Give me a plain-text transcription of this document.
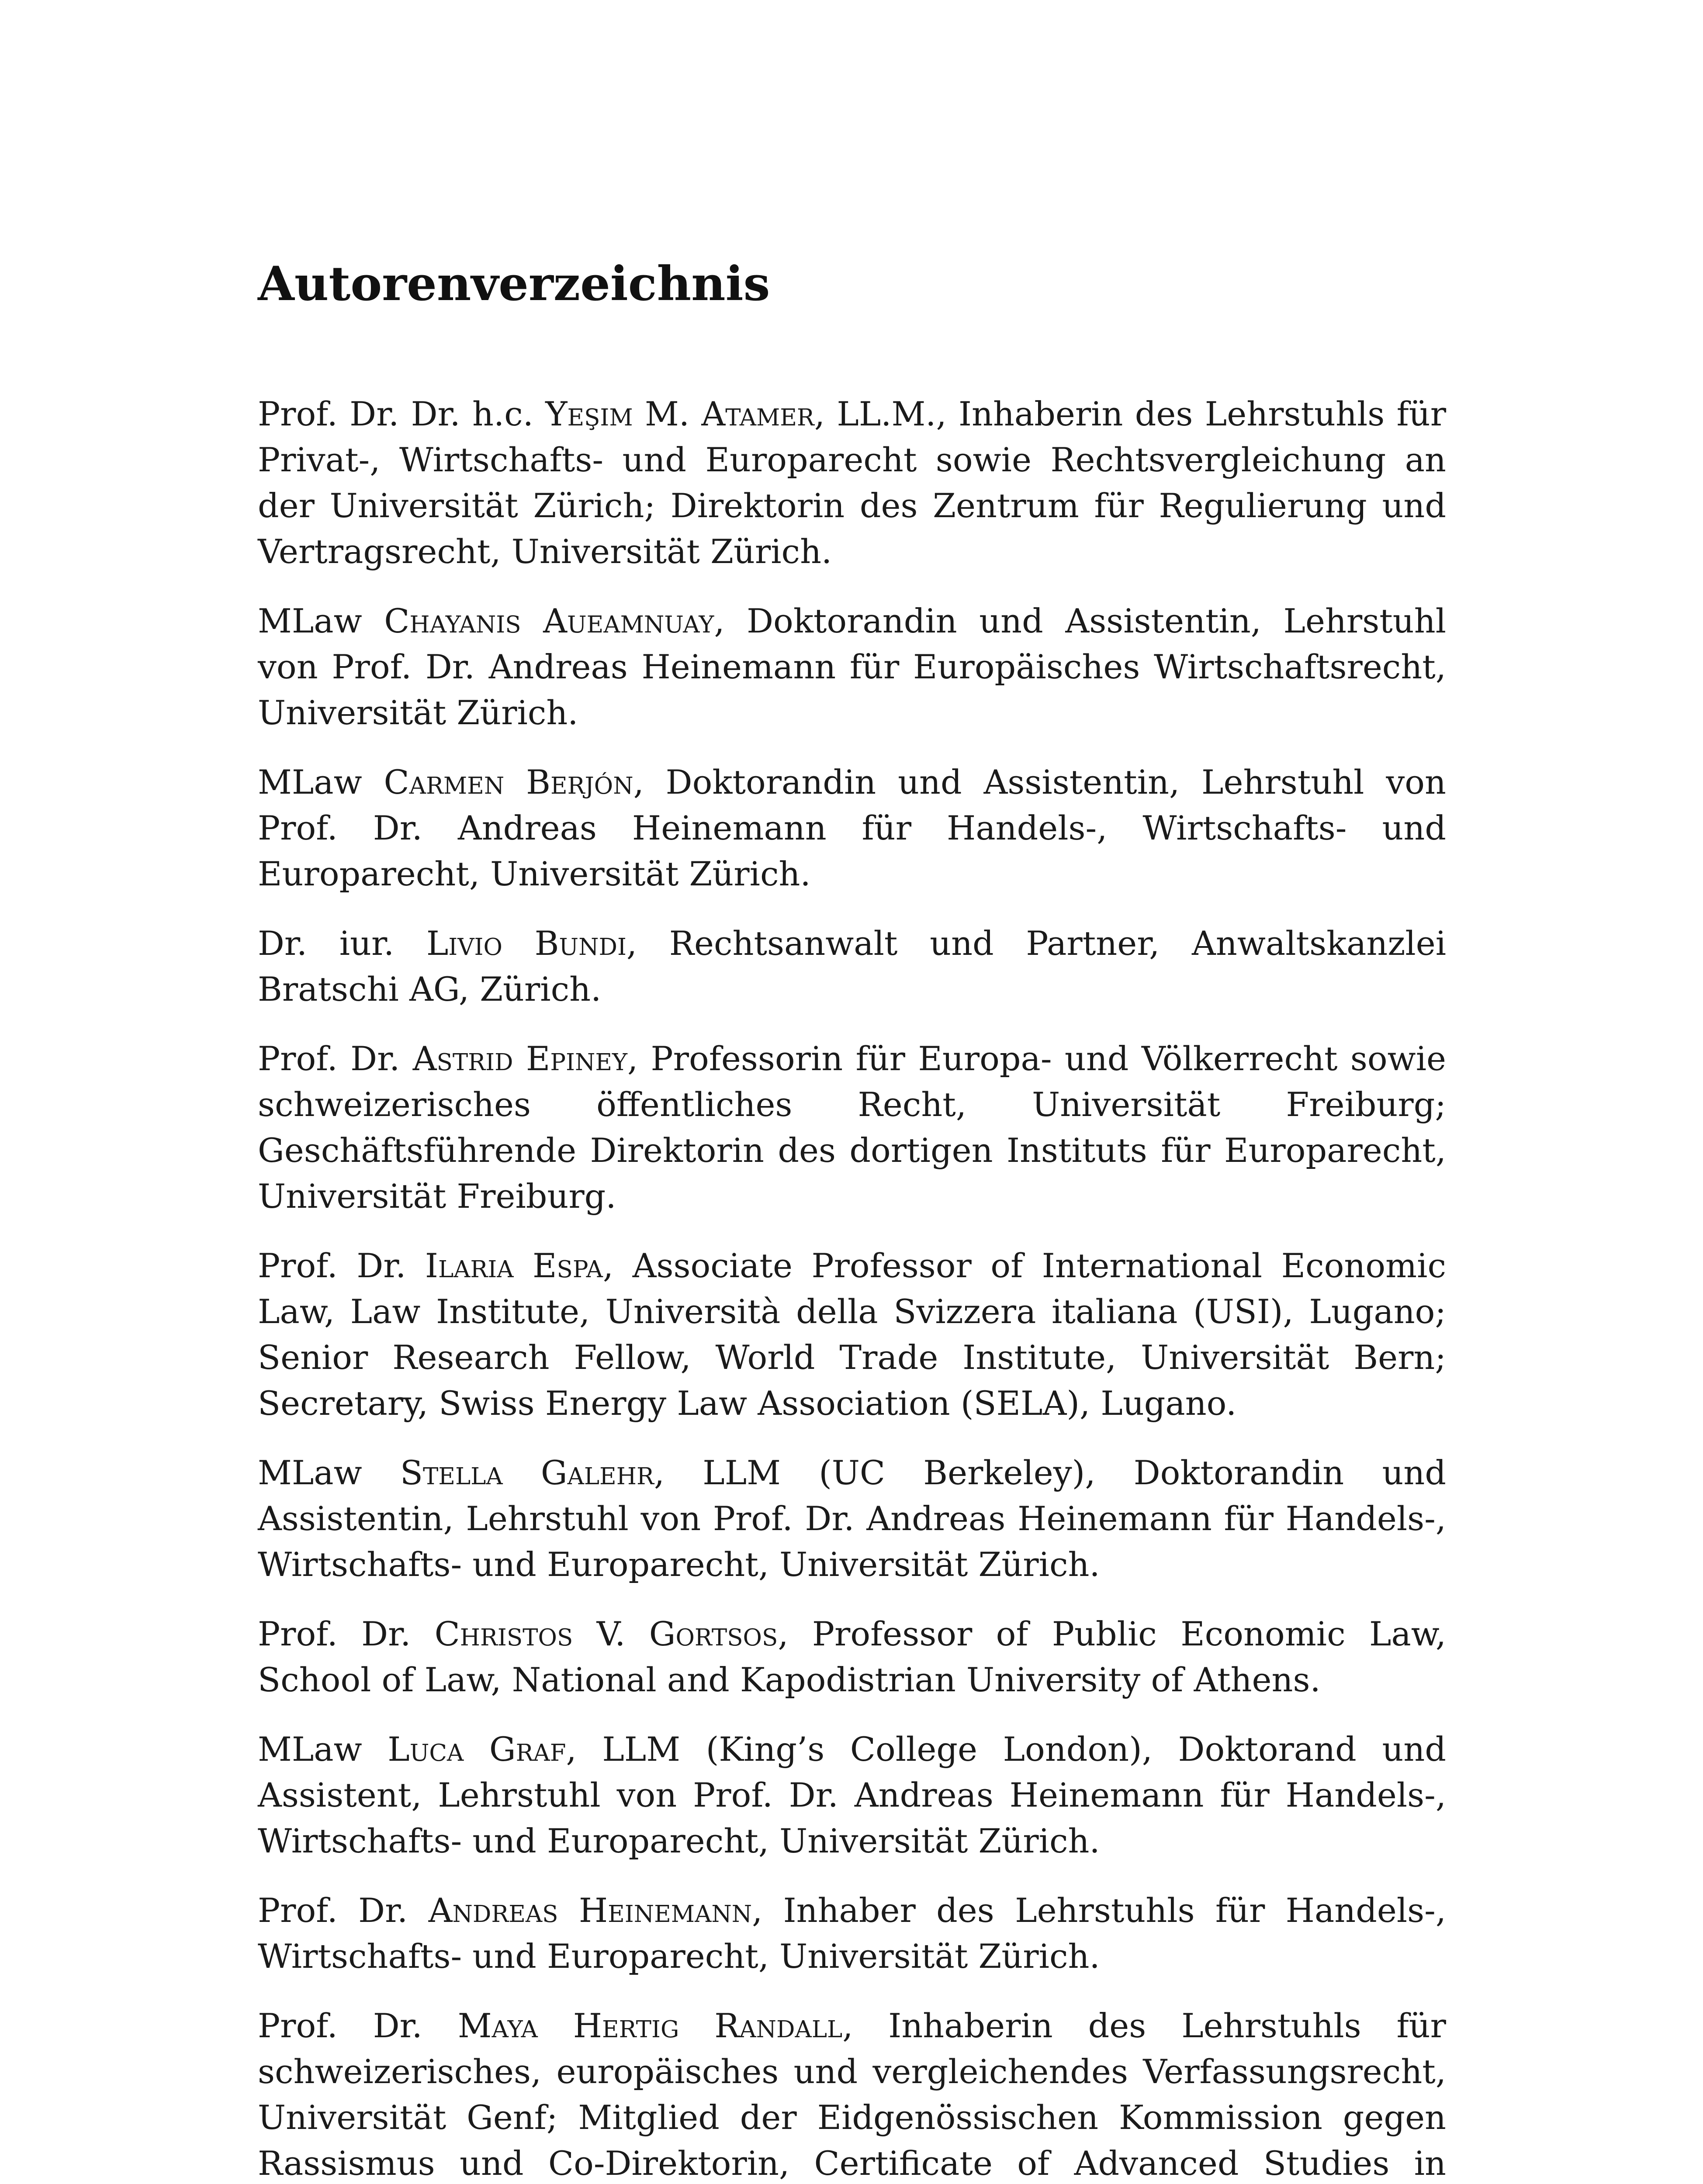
Autorenverzeichnis

Prof. Dr. Dr. h.c. Yeşim M. Atamer, LL.M., Inhaberin des Lehrstuhls für Privat-, Wirtschafts- und Europarecht sowie Rechtsvergleichung an der Universität Zürich; Direktorin des Zentrum für Regulierung und Vertragsrecht, Universität Zürich.

MLaw Chayanis Aueamnuay, Doktorandin und Assistentin, Lehrstuhl von Prof. Dr. Andreas Heinemann für Europäisches Wirtschaftsrecht, Universität Zürich.

MLaw Carmen Berjón, Doktorandin und Assistentin, Lehrstuhl von Prof. Dr. Andreas Heinemann für Handels-, Wirtschafts- und Europarecht, Universität Zürich.

Dr. iur. Livio Bundi, Rechtsanwalt und Partner, Anwaltskanzlei Bratschi AG, Zürich.

Prof. Dr. Astrid Epiney, Professorin für Europa- und Völkerrecht sowie schweizerisches öffentliches Recht, Universität Freiburg; Geschäftsführende Direktorin des dortigen Instituts für Europarecht, Universität Freiburg.

Prof. Dr. Ilaria Espa, Associate Professor of International Economic Law, Law Institute, Università della Svizzera italiana (USI), Lugano; Senior Research Fellow, World Trade Institute, Universität Bern; Secretary, Swiss Energy Law Association (SELA), Lugano.

MLaw Stella Galehr, LLM (UC Berkeley), Doktorandin und Assistentin, Lehrstuhl von Prof. Dr. Andreas Heinemann für Handels-, Wirtschafts- und Europarecht, Universität Zürich.

Prof. Dr. Christos V. Gortsos, Professor of Public Economic Law, School of Law, National and Kapodistrian University of Athens.

MLaw Luca Graf, LLM (King’s College London), Doktorand und Assistent, Lehrstuhl von Prof. Dr. Andreas Heinemann für Handels-, Wirtschafts- und Europarecht, Universität Zürich.

Prof. Dr. Andreas Heinemann, Inhaber des Lehrstuhls für Handels-, Wirtschafts- und Europarecht, Universität Zürich.

Prof. Dr. Maya Hertig Randall, Inhaberin des Lehrstuhls für schweizerisches, europäisches und vergleichendes Verfassungsrecht, Universität Genf; Mitglied der Eidgenössischen Kommission gegen Rassismus und Co-Direktorin, Certificate of Advanced Studies in
